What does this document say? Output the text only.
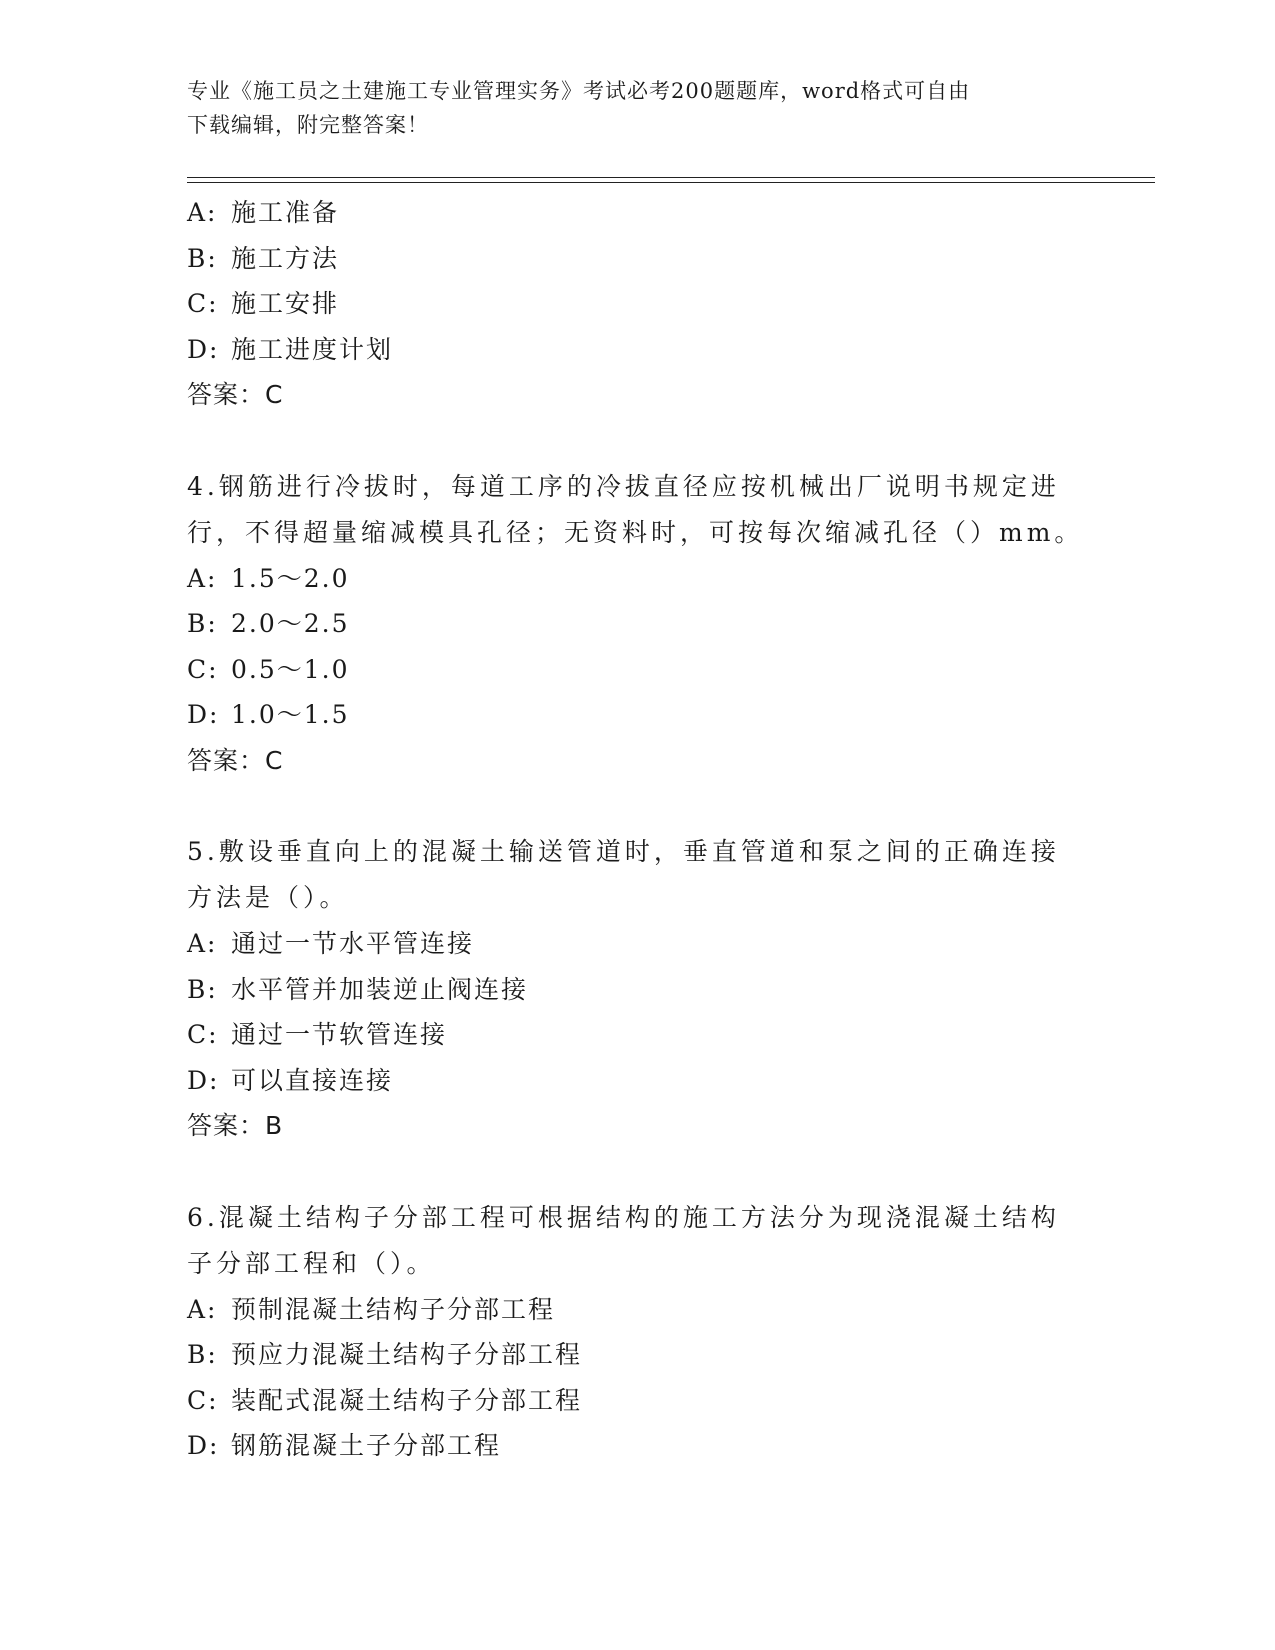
专业《施工员之土建施工专业管理实务》考试必考200题题库，word格式可自由
下载编辑，附完整答案！
A: 施工准备
B: 施工方法
C: 施工安排
D: 施工进度计划
答案：C
4.钢筋进行冷拔时，每道工序的冷拔直径应按机械出厂说明书规定进
行，不得超量缩减模具孔径；无资料时，可按每次缩减孔径（）mm。
A: 1.5～2.0
B: 2.0～2.5
C: 0.5～1.0
D: 1.0～1.5
答案：C
5.敷设垂直向上的混凝土输送管道时，垂直管道和泵之间的正确连接
方法是（）。
A: 通过一节水平管连接
B: 水平管并加装逆止阀连接
C: 通过一节软管连接
D: 可以直接连接
答案：B
6.混凝土结构子分部工程可根据结构的施工方法分为现浇混凝土结构
子分部工程和（）。
A: 预制混凝土结构子分部工程
B: 预应力混凝土结构子分部工程
C: 装配式混凝土结构子分部工程
D: 钢筋混凝土子分部工程
